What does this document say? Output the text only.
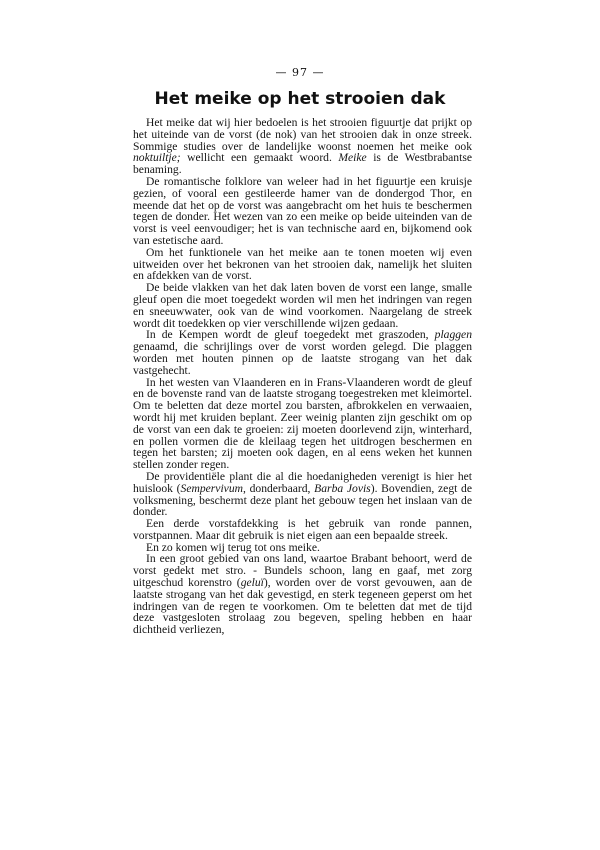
— 97 —
Het meike op het strooien dak

Het meike dat wij hier bedoelen is het strooien figuurtje dat prijkt op het uiteinde van de vorst (de nok) van het strooien dak in onze streek. Sommige studies over de landelijke woonst noemen het meike ook noktuiltje; wellicht een gemaakt woord. Meike is de Westbrabantse benaming.

De romantische folklore van weleer had in het figuurtje een kruisje gezien, of vooral een gestileerde hamer van de dondergod Thor, en meende dat het op de vorst was aangebracht om het huis te beschermen tegen de donder. Het wezen van zo een meike op beide uiteinden van de vorst is veel eenvoudiger; het is van technische aard en, bijkomend ook van estetische aard.

Om het funktionele van het meike aan te tonen moeten wij even uitweiden over het bekronen van het strooien dak, namelijk het sluiten en afdekken van de vorst.

De beide vlakken van het dak laten boven de vorst een lange, smalle gleuf open die moet toegedekt worden wil men het indringen van regen en sneeuwwater, ook van de wind voorkomen. Naargelang de streek wordt dit toedekken op vier verschillende wijzen gedaan.

In de Kempen wordt de gleuf toegedekt met graszoden, plaggen genaamd, die schrijlings over de vorst worden gelegd. Die plaggen worden met houten pinnen op de laatste strogang van het dak vastgehecht.

In het westen van Vlaanderen en in Frans-Vlaanderen wordt de gleuf en de bovenste rand van de laatste strogang toegestreken met kleimortel. Om te beletten dat deze mortel zou barsten, afbrokkelen en verwaaien, wordt hij met kruiden beplant. Zeer weinig planten zijn geschikt om op de vorst van een dak te groeien: zij moeten doorlevend zijn, winterhard, en pollen vormen die de kleilaag tegen het uitdrogen beschermen en tegen het barsten; zij moeten ook dagen, en al eens weken het kunnen stellen zonder regen.

De providentiële plant die al die hoedanigheden verenigt is hier het huislook (Sempervivum, donderbaard, Barba Jovis). Bovendien, zegt de volksmening, beschermt deze plant het gebouw tegen het inslaan van de donder.

Een derde vorstafdekking is het gebruik van ronde pannen, vorstpannen. Maar dit gebruik is niet eigen aan een bepaalde streek.

En zo komen wij terug tot ons meike.

In een groot gebied van ons land, waartoe Brabant behoort, werd de vorst gedekt met stro. - Bundels schoon, lang en gaaf, met zorg uitgeschud korenstro (geluï), worden over de vorst gevouwen, aan de laatste strogang van het dak gevestigd, en sterk tegeneen geperst om het indringen van de regen te voorkomen. Om te beletten dat met de tijd deze vastgesloten strolaag zou begeven, speling hebben en haar dichtheid verliezen,
